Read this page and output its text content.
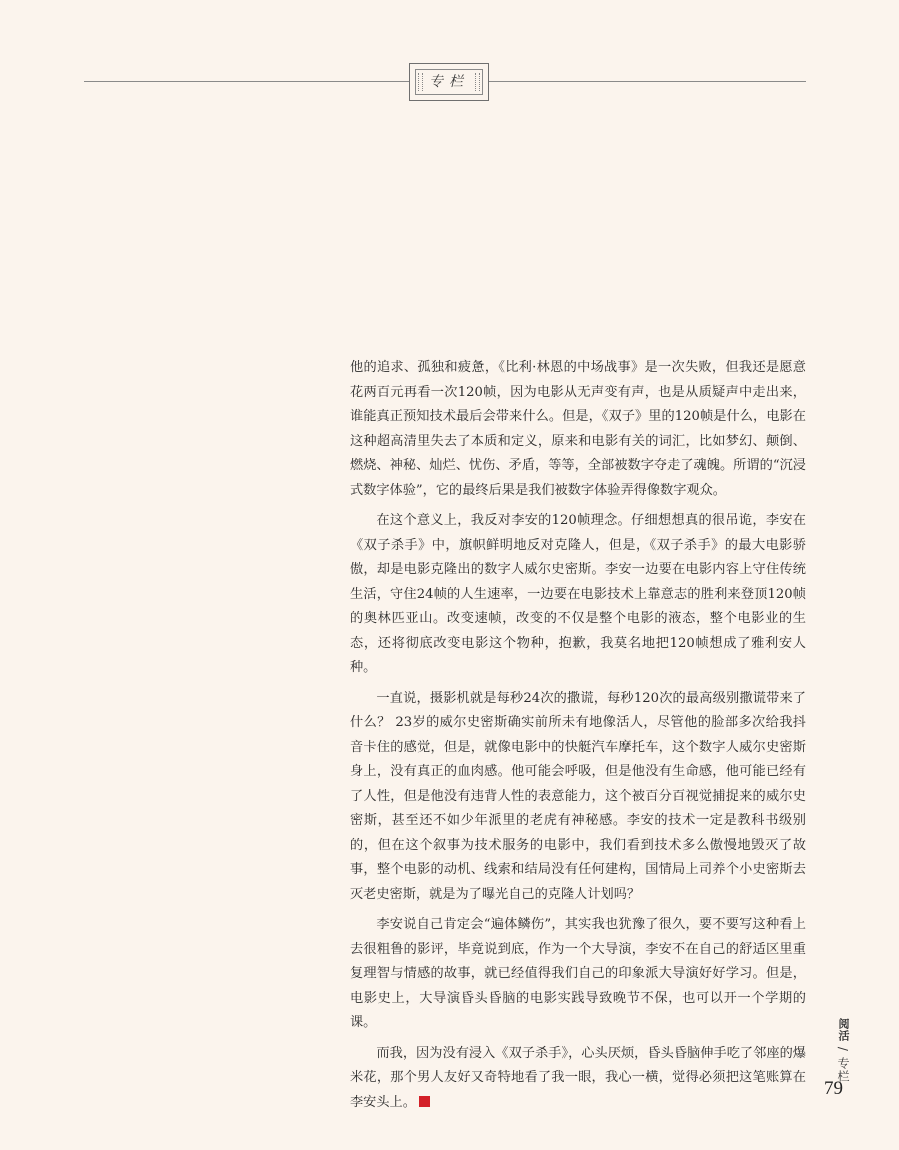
专栏

他的追求、孤独和疲惫，《比利·林恩的中场战事》是一次失败，但我还是愿意花两百元再看一次120帧，因为电影从无声变有声，也是从质疑声中走出来，谁能真正预知技术最后会带来什么。但是，《双子》里的120帧是什么，电影在这种超高清里失去了本质和定义，原来和电影有关的词汇，比如梦幻、颠倒、燃烧、神秘、灿烂、忧伤、矛盾，等等，全部被数字夺走了魂魄。所谓的“沉浸式数字体验”，它的最终后果是我们被数字体验弄得像数字观众。

在这个意义上，我反对李安的120帧理念。仔细想想真的很吊诡，李安在《双子杀手》中，旗帜鲜明地反对克隆人，但是，《双子杀手》的最大电影骄傲，却是电影克隆出的数字人威尔史密斯。李安一边要在电影内容上守住传统生活，守住24帧的人生速率，一边要在电影技术上靠意志的胜利来登顶120帧的奥林匹亚山。改变速帧，改变的不仅是整个电影的液态，整个电影业的生态，还将彻底改变电影这个物种，抱歉，我莫名地把120帧想成了雅利安人种。

一直说，摄影机就是每秒24次的撒谎，每秒120次的最高级别撒谎带来了什么？ 23岁的威尔史密斯确实前所未有地像活人，尽管他的脸部多次给我抖音卡住的感觉，但是，就像电影中的快艇汽车摩托车，这个数字人威尔史密斯身上，没有真正的血肉感。他可能会呼吸，但是他没有生命感，他可能已经有了人性，但是他没有违背人性的表意能力，这个被百分百视觉捕捉来的威尔史密斯，甚至还不如少年派里的老虎有神秘感。李安的技术一定是教科书级别的，但在这个叙事为技术服务的电影中，我们看到技术多么傲慢地毁灭了故事，整个电影的动机、线索和结局没有任何建构，国情局上司养个小史密斯去灭老史密斯，就是为了曝光自己的克隆人计划吗？

李安说自己肯定会“遍体鳞伤”，其实我也犹豫了很久，要不要写这种看上去很粗鲁的影评，毕竟说到底，作为一个大导演，李安不在自己的舒适区里重复理智与情感的故事，就已经值得我们自己的印象派大导演好好学习。但是，电影史上，大导演昏头昏脑的电影实践导致晚节不保，也可以开一个学期的课。

而我，因为没有浸入《双子杀手》，心头厌烦，昏头昏脑伸手吃了邻座的爆米花，那个男人友好又奇特地看了我一眼，我心一横，觉得必须把这笔账算在李安头上。

阅活 / 专栏
79
